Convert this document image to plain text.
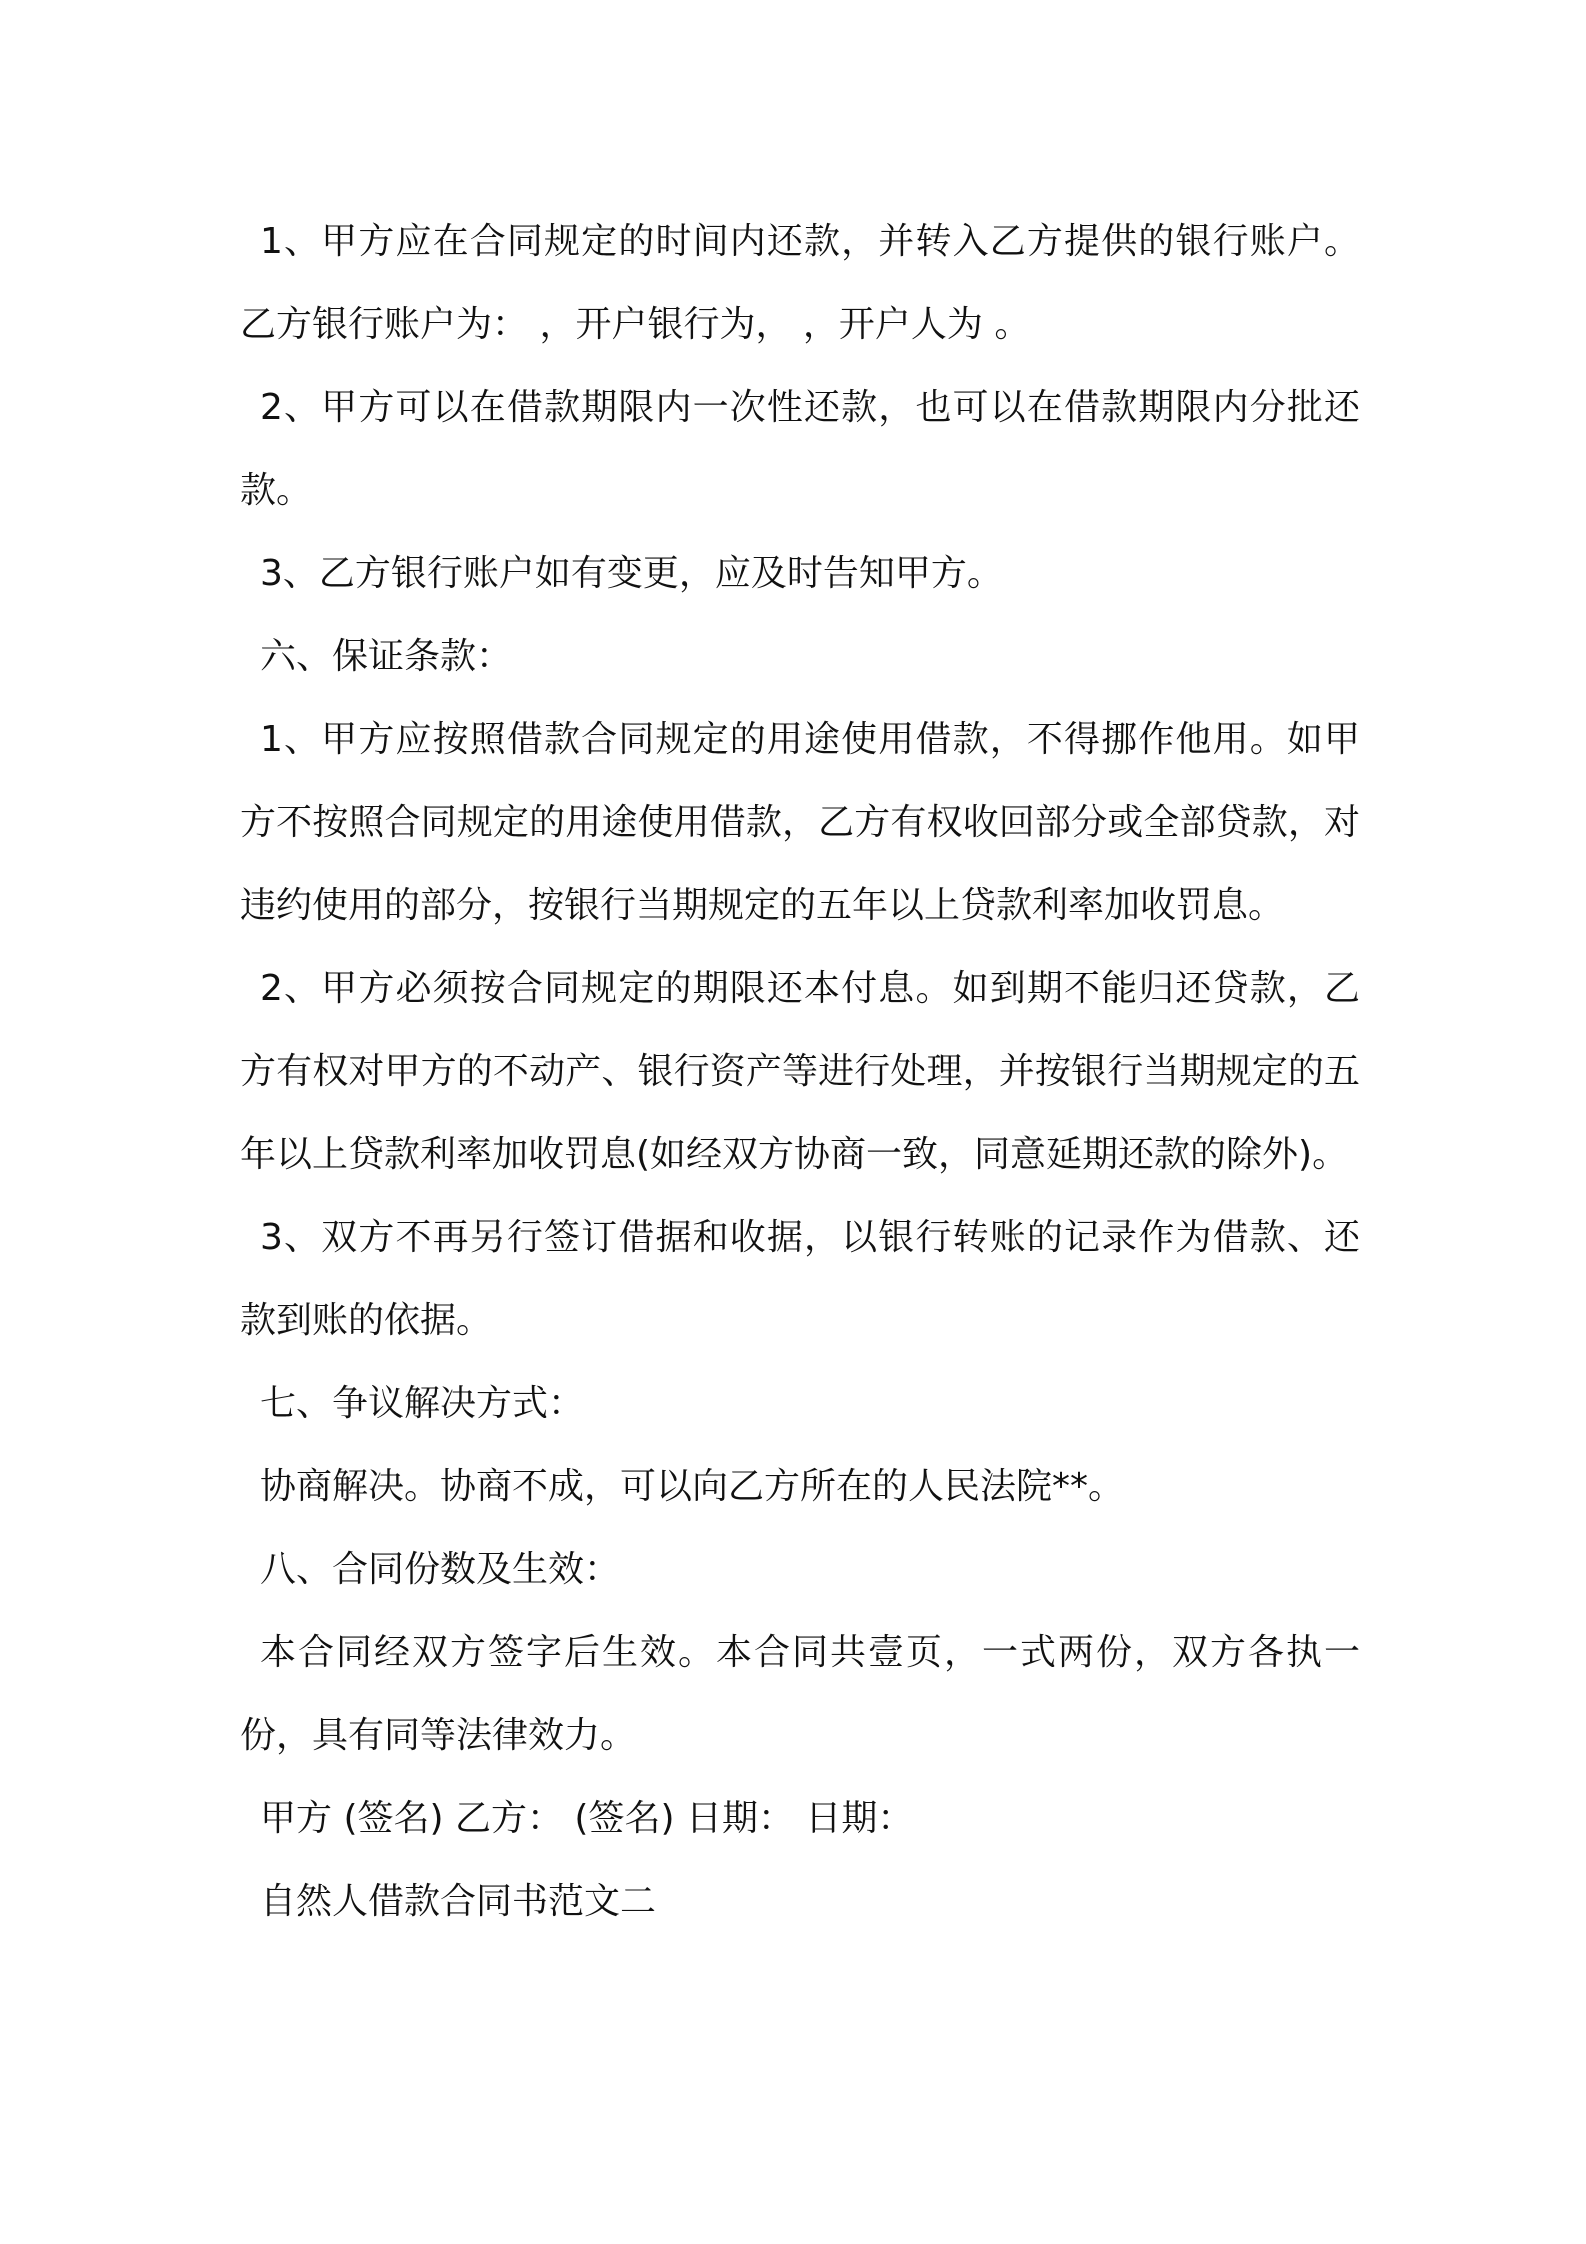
1、甲方应在合同规定的时间内还款，并转入乙方提供的银行账户。乙方银行账户为： ，开户银行为， ，开户人为 。

2、甲方可以在借款期限内一次性还款，也可以在借款期限内分批还款。

3、乙方银行账户如有变更，应及时告知甲方。

六、保证条款：

1、甲方应按照借款合同规定的用途使用借款，不得挪作他用。如甲方不按照合同规定的用途使用借款，乙方有权收回部分或全部贷款，对违约使用的部分，按银行当期规定的五年以上贷款利率加收罚息。

2、甲方必须按合同规定的期限还本付息。如到期不能归还贷款，乙方有权对甲方的不动产、银行资产等进行处理，并按银行当期规定的五年以上贷款利率加收罚息(如经双方协商一致，同意延期还款的除外)。

3、双方不再另行签订借据和收据，以银行转账的记录作为借款、还款到账的依据。

七、争议解决方式：

协商解决。协商不成，可以向乙方所在的人民法院**。

八、合同份数及生效：

本合同经双方签字后生效。本合同共壹页，一式两份，双方各执一份，具有同等法律效力。

甲方 (签名) 乙方： (签名) 日期： 日期：

自然人借款合同书范文二
